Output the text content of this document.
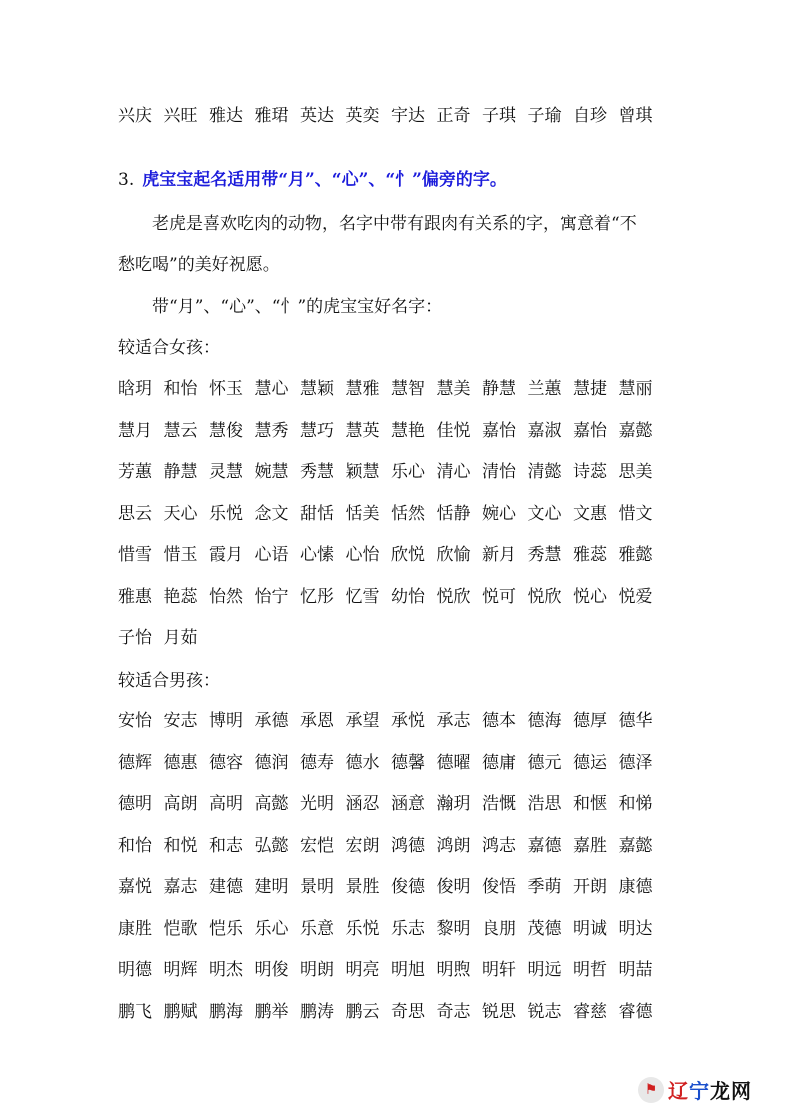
兴庆 兴旺 雅达 雅珺 英达 英奕 宇达 正奇 子琪 子瑜 自珍 曾琪
3. 虎宝宝起名适用带“月”、“心”、“忄”偏旁的字。
老虎是喜欢吃肉的动物，名字中带有跟肉有关系的字，寓意着“不
愁吃喝”的美好祝愿。
带“月”、“心”、“忄”的虎宝宝好名字：
较适合女孩：
晗玥 和怡 怀玉 慧心 慧颖 慧雅 慧智 慧美 静慧 兰蕙 慧捷 慧丽
慧月 慧云 慧俊 慧秀 慧巧 慧英 慧艳 佳悦 嘉怡 嘉淑 嘉怡 嘉懿
芳蕙 静慧 灵慧 婉慧 秀慧 颖慧 乐心 清心 清怡 清懿 诗蕊 思美
思云 天心 乐悦 念文 甜恬 恬美 恬然 恬静 婉心 文心 文惠 惜文
惜雪 惜玉 霞月 心语 心愫 心怡 欣悦 欣愉 新月 秀慧 雅蕊 雅懿
雅惠 艳蕊 怡然 怡宁 忆彤 忆雪 幼怡 悦欣 悦可 悦欣 悦心 悦爱
子怡 月茹
较适合男孩：
安怡 安志 博明 承德 承恩 承望 承悦 承志 德本 德海 德厚 德华
德辉 德惠 德容 德润 德寿 德水 德馨 德曜 德庸 德元 德运 德泽
德明 高朗 高明 高懿 光明 涵忍 涵意 瀚玥 浩慨 浩思 和惬 和悌
和怡 和悦 和志 弘懿 宏恺 宏朗 鸿德 鸿朗 鸿志 嘉德 嘉胜 嘉懿
嘉悦 嘉志 建德 建明 景明 景胜 俊德 俊明 俊悟 季萌 开朗 康德
康胜 恺歌 恺乐 乐心 乐意 乐悦 乐志 黎明 良朋 茂德 明诚 明达
明德 明辉 明杰 明俊 明朗 明亮 明旭 明煦 明轩 明远 明哲 明喆
鹏飞 鹏赋 鹏海 鹏举 鹏涛 鹏云 奇思 奇志 锐思 锐志 睿慈 睿德
⚑ 辽宁龙网
